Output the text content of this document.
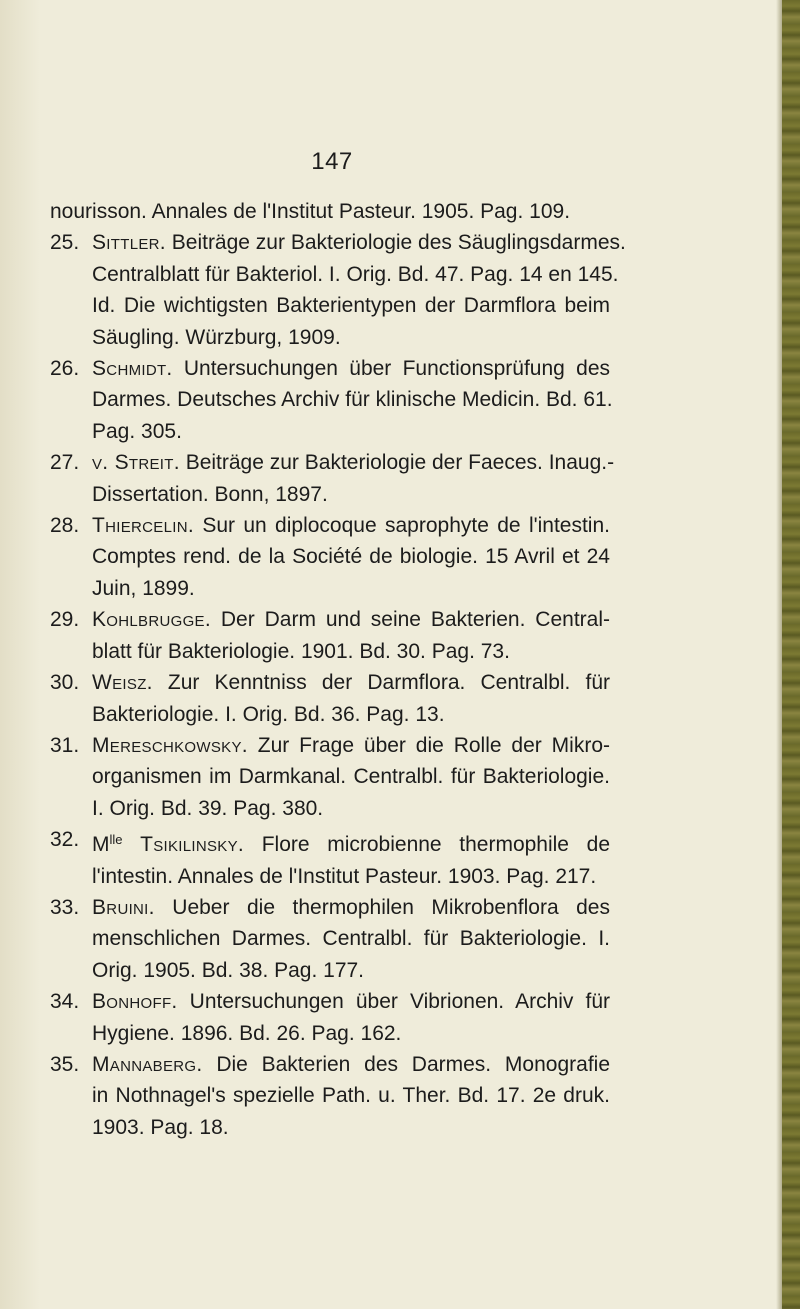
147
nourisson. Annales de l'Institut Pasteur. 1905. Pag. 109.
25. Sittler. Beiträge zur Bakteriologie des Säuglingsdarmes.
Centralblatt für Bakteriol. I. Orig. Bd. 47. Pag. 14 en 145.
Id. Die wichtigsten Bakterientypen der Darmflora beim
Säugling. Würzburg, 1909.
26. Schmidt. Untersuchungen über Functionsprüfung des
Darmes. Deutsches Archiv für klinische Medicin. Bd. 61.
Pag. 305.
27. v. Streit. Beiträge zur Bakteriologie der Faeces. Inaug.-
Dissertation. Bonn, 1897.
28. Thiercelin. Sur un diplocoque saprophyte de l'intestin.
Comptes rend. de la Société de biologie. 15 Avril et 24
Juin, 1899.
29. Kohlbrugge. Der Darm und seine Bakterien. Central-
blatt für Bakteriologie. 1901. Bd. 30. Pag. 73.
30. Weisz. Zur Kenntniss der Darmflora. Centralbl. für
Bakteriologie. I. Orig. Bd. 36. Pag. 13.
31. Mereschkowsky. Zur Frage über die Rolle der Mikro-
organismen im Darmkanal. Centralbl. für Bakteriologie.
I. Orig. Bd. 39. Pag. 380.
32. $M^{lle}$ Tsikilinsky. Flore microbienne thermophile de
l'intestin. Annales de l'Institut Pasteur. 1903. Pag. 217.
33. Bruini. Ueber die thermophilen Mikrobenflora des
menschlichen Darmes. Centralbl. für Bakteriologie. I.
Orig. 1905. Bd. 38. Pag. 177.
34. Bonhoff. Untersuchungen über Vibrionen. Archiv für
Hygiene. 1896. Bd. 26. Pag. 162.
35. Mannaberg. Die Bakterien des Darmes. Monografie
in Nothnagel's spezielle Path. u. Ther. Bd. 17. 2e druk.
1903. Pag. 18.
